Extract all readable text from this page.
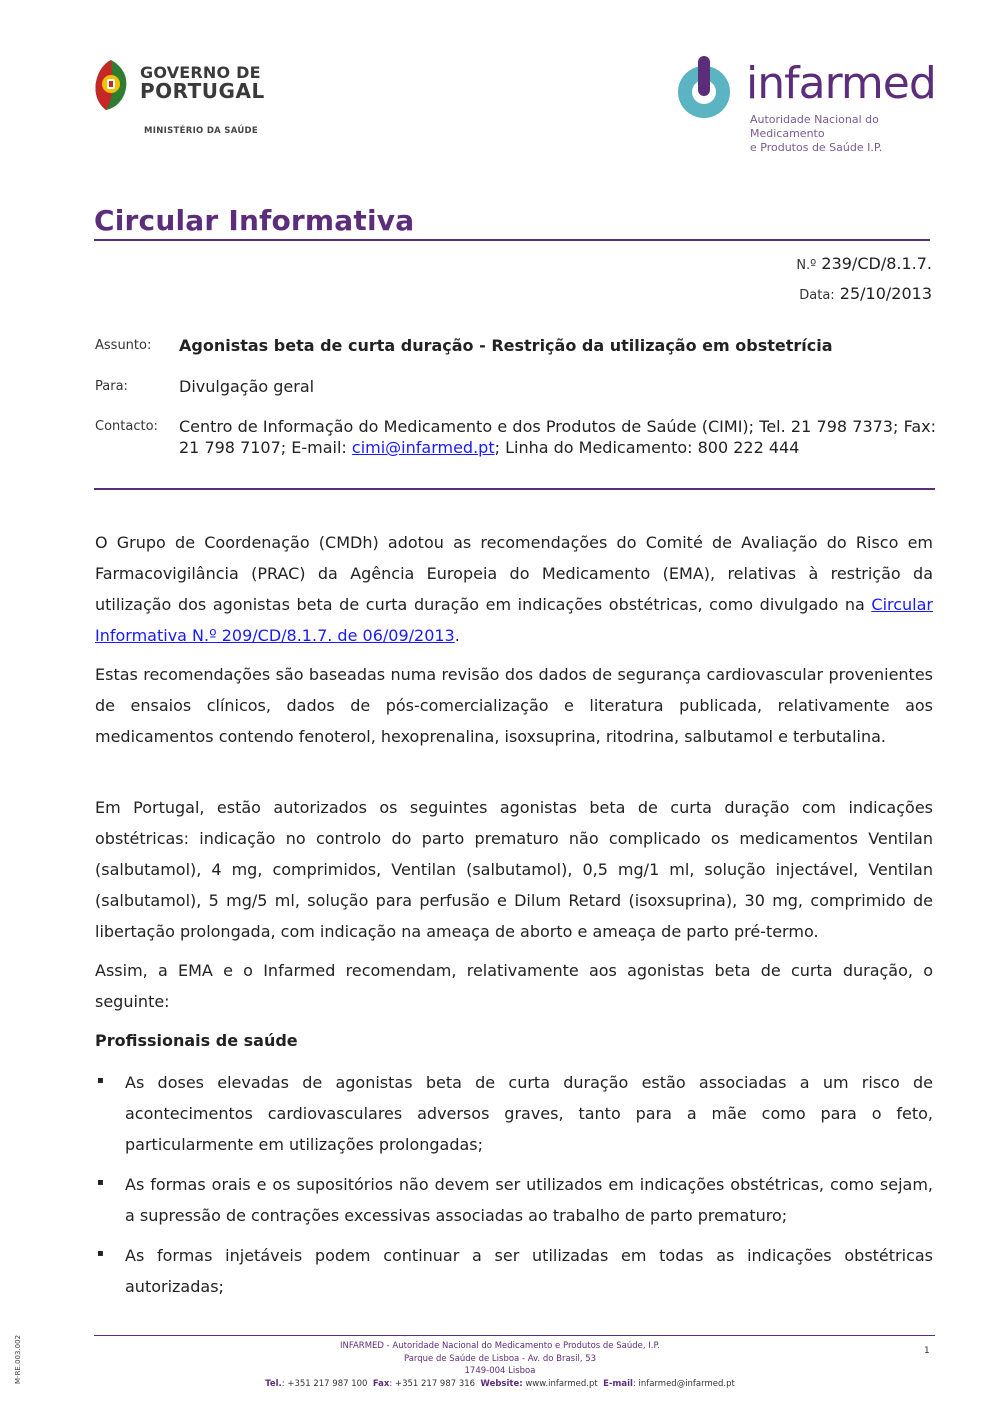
GOVERNO DE
PORTUGAL
MINISTÉRIO DA SAÚDE
infarmed
Autoridade Nacional do Medicamento
e Produtos de Saúde I.P.
Circular Informativa
N.º 239/CD/8.1.7.
Data: 25/10/2013
Assunto: Agonistas beta de curta duração - Restrição da utilização em obstetrícia
Para:	Divulgação geral
Contacto: Centro de Informação do Medicamento e dos Produtos de Saúde (CIMI); Tel. 21 798 7373; Fax: 21 798 7107; E-mail: cimi@infarmed.pt; Linha do Medicamento: 800 222 444
O Grupo de Coordenação (CMDh) adotou as recomendações do Comité de Avaliação do Risco em Farmacovigilância (PRAC) da Agência Europeia do Medicamento (EMA), relativas à restrição da utilização dos agonistas beta de curta duração em indicações obstétricas, como divulgado na Circular Informativa N.º 209/CD/8.1.7. de 06/09/2013.
Estas recomendações são baseadas numa revisão dos dados de segurança cardiovascular provenientes de ensaios clínicos, dados de pós-comercialização e literatura publicada, relativamente aos medicamentos contendo fenoterol, hexoprenalina, isoxsuprina, ritodrina, salbutamol e terbutalina.
Em Portugal, estão autorizados os seguintes agonistas beta de curta duração com indicações obstétricas: indicação no controlo do parto prematuro não complicado os medicamentos Ventilan (salbutamol), 4 mg, comprimidos, Ventilan (salbutamol), 0,5 mg/1 ml, solução injectável, Ventilan (salbutamol), 5 mg/5 ml, solução para perfusão e Dilum Retard (isoxsuprina), 30 mg, comprimido de libertação prolongada, com indicação na ameaça de aborto e ameaça de parto pré-termo.
Assim, a EMA e o Infarmed recomendam, relativamente aos agonistas beta de curta duração, o seguinte:
Profissionais de saúde
▪ As doses elevadas de agonistas beta de curta duração estão associadas a um risco de acontecimentos cardiovasculares adversos graves, tanto para a mãe como para o feto, particularmente em utilizações prolongadas;
▪ As formas orais e os supositórios não devem ser utilizados em indicações obstétricas, como sejam, a supressão de contrações excessivas associadas ao trabalho de parto prematuro;
▪ As formas injetáveis podem continuar a ser utilizadas em todas as indicações obstétricas autorizadas;
INFARMED - Autoridade Nacional do Medicamento e Produtos de Saúde, I.P.
Parque de Saúde de Lisboa - Av. do Brasil, 53
1749-004 Lisboa
Tel.: +351 217 987 100 Fax: +351 217 987 316 Website: www.infarmed.pt E-mail: infarmed@infarmed.pt
1
M-RE.003.002
